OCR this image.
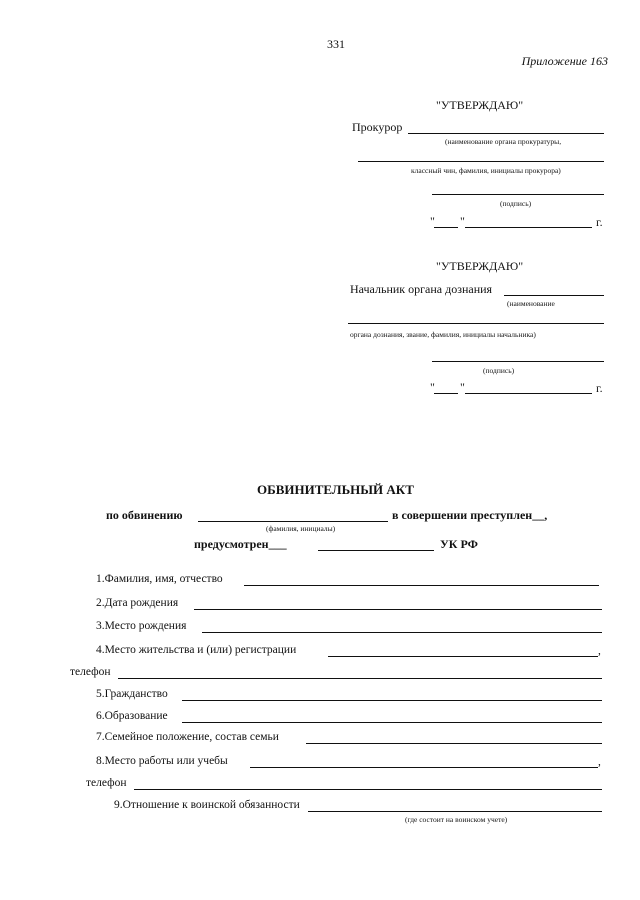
331
Приложение 163
"УТВЕРЖДАЮ"
Прокурор
(наименование органа прокуратуры,
классный чин, фамилия, инициалы прокурора)
(подпись)
" "	г.
"УТВЕРЖДАЮ"
Начальник органа дознания
(наименование
органа дознания, звание, фамилия, инициалы начальника)
(подпись)
" "	г.
ОБВИНИТЕЛЬНЫЙ АКТ
по обвинению	в совершении преступлен__,
(фамилия, инициалы)
предусмотрен___	УК РФ
1.Фамилия, имя, отчество
2.Дата рождения
3.Место рождения
4.Место жительства и (или) регистрации	,
телефон
5.Гражданство
6.Образование
7.Семейное положение, состав семьи
8.Место работы или учебы	,
телефон
9.Отношение к воинской обязанности
(где состоит на воинском учете)
